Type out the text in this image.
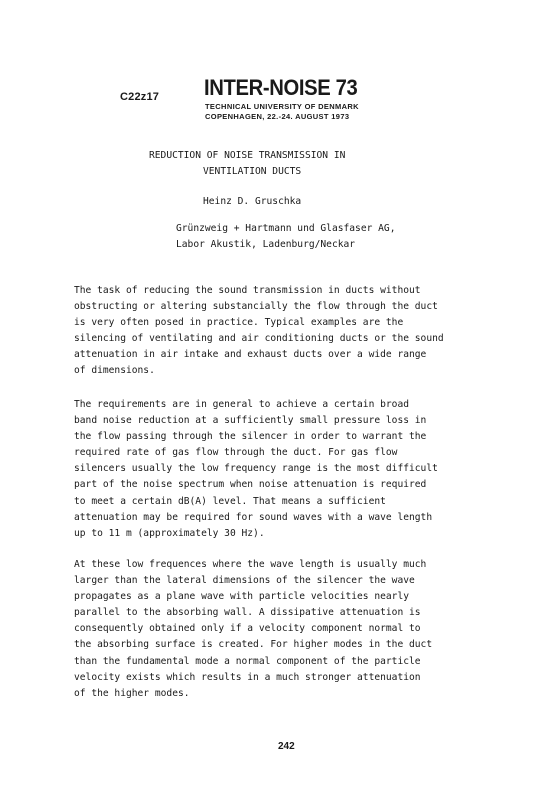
C22z17 INTER-NOISE 73
TECHNICAL UNIVERSITY OF DENMARK
COPENHAGEN, 22.-24. AUGUST 1973
REDUCTION OF NOISE TRANSMISSION IN
VENTILATION DUCTS
Heinz D. Gruschka
Grünzweig + Hartmann und Glasfaser AG,
Labor Akustik, Ladenburg/Neckar
The task of reducing the sound transmission in ducts without
obstructing or altering substancially the flow through the duct
is very often posed in practice. Typical examples are the
silencing of ventilating and air conditioning ducts or the sound
attenuation in air intake and exhaust ducts over a wide range
of dimensions.
The requirements are in general to achieve a certain broad
band noise reduction at a sufficiently small pressure loss in
the flow passing through the silencer in order to warrant the
required rate of gas flow through the duct. For gas flow
silencers usually the low frequency range is the most difficult
part of the noise spectrum when noise attenuation is required
to meet a certain dB(A) level. That means a sufficient
attenuation may be required for sound waves with a wave length
up to 11 m (approximately 30 Hz).
At these low frequences where the wave length is usually much
larger than the lateral dimensions of the silencer the wave
propagates as a plane wave with particle velocities nearly
parallel to the absorbing wall. A dissipative attenuation is
consequently obtained only if a velocity component normal to
the absorbing surface is created. For higher modes in the duct
than the fundamental mode a normal component of the particle
velocity exists which results in a much stronger attenuation
of the higher modes.
242
